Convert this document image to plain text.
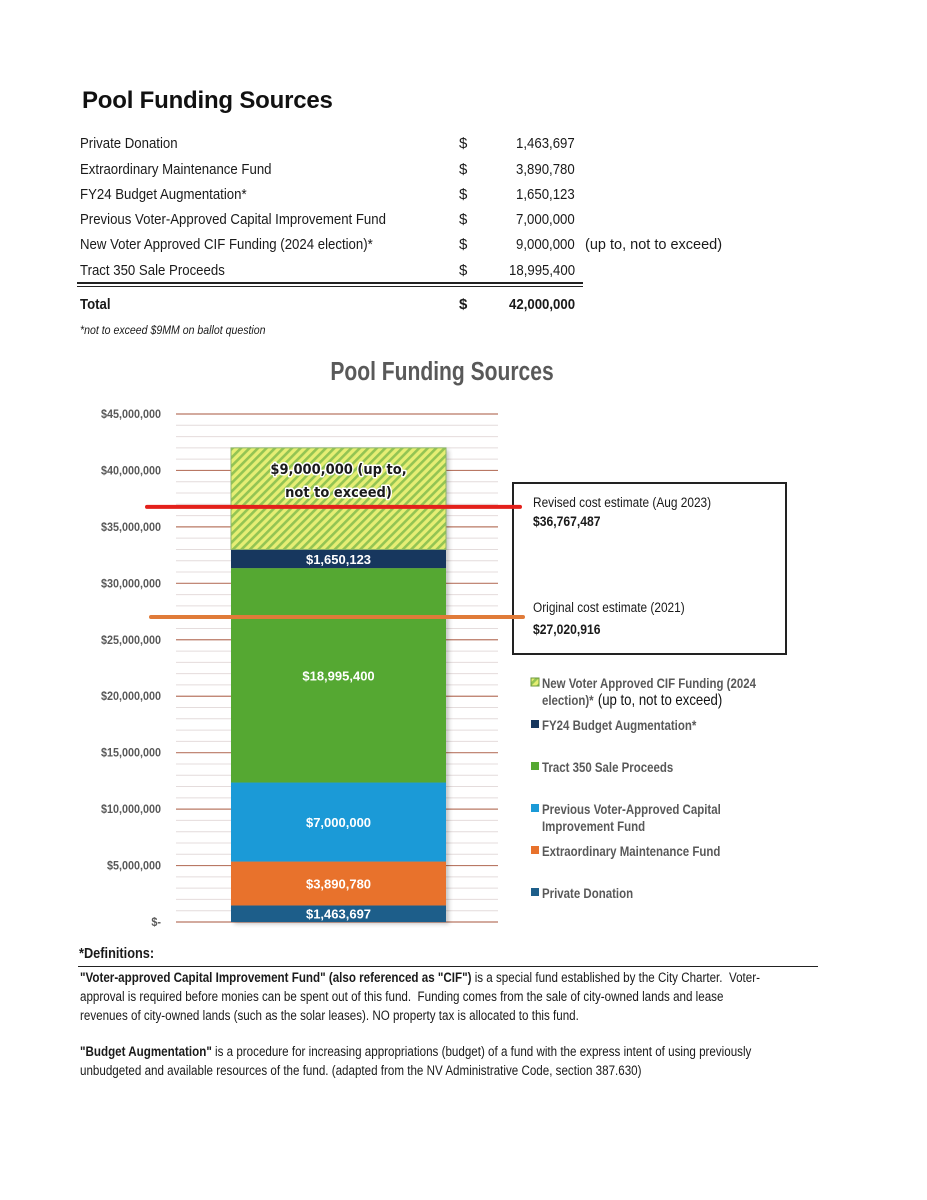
Pool Funding Sources
Private Donation	$	1,463,697
Extraordinary Maintenance Fund	$	3,890,780
FY24 Budget Augmentation*	$	1,650,123
Previous Voter-Approved Capital Improvement Fund	$	7,000,000
New Voter Approved CIF Funding (2024 election)*	$	9,000,000 (up to, not to exceed)
Tract 350 Sale Proceeds	$	18,995,400
Total	$	42,000,000
*not to exceed $9MM on ballot question
Pool Funding Sources
$-
$5,000,000
$10,000,000
$15,000,000
$20,000,000
$25,000,000
$30,000,000
$35,000,000
$40,000,000
$45,000,000
$1,463,697
$3,890,780
$7,000,000
$18,995,400
$1,650,123
$9,000,000 (up to,
not to exceed)
Revised cost estimate (Aug 2023)
$36,767,487
Original cost estimate (2021)
$27,020,916
New Voter Approved CIF Funding (2024
election)* (up to, not to exceed)
FY24 Budget Augmentation*
Tract 350 Sale Proceeds
Previous Voter-Approved Capital
Improvement Fund
Extraordinary Maintenance Fund
Private Donation
*Definitions:
"Voter-approved Capital Improvement Fund" (also referenced as "CIF") is a special fund established by the City Charter.  Voter-
approval is required before monies can be spent out of this fund.  Funding comes from the sale of city-owned lands and lease
revenues of city-owned lands (such as the solar leases). NO property tax is allocated to this fund.
"Budget Augmentation" is a procedure for increasing appropriations (budget) of a fund with the express intent of using previously
unbudgeted and available resources of the fund. (adapted from the NV Administrative Code, section 387.630)
